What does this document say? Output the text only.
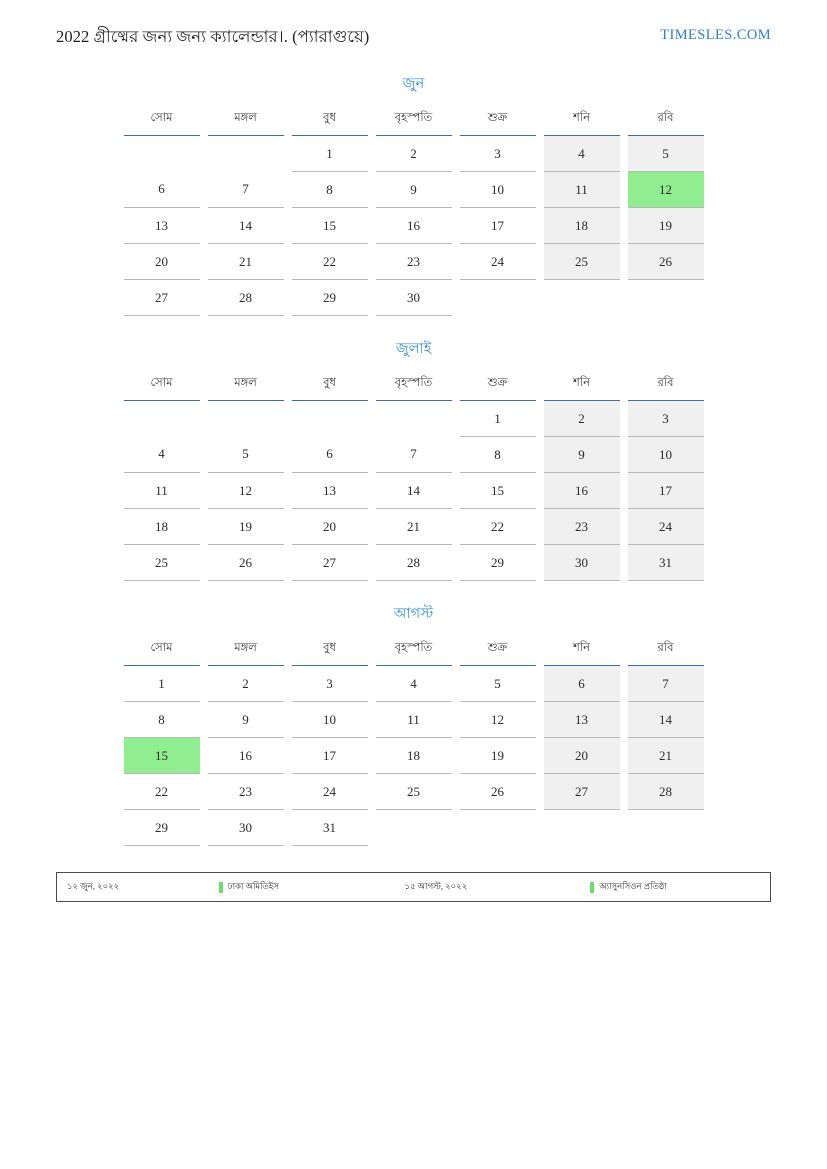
2022 গ্রীষ্মের জন্য জন্য ক্যালেন্ডার।. (প্যারাগুয়ে)	TIMESLES.COM
জুন
সোম		মঙ্গল		বুধ		বৃহস্পতি		শুক্র		শনি		রবি
				1		2		3		4		5
6		7		8		9		10		11		12
13		14		15		16		17		18		19
20		21		22		23		24		25		26
27		28		29		30						
জুলাই
সোম		মঙ্গল		বুধ		বৃহস্পতি		শুক্র		শনি		রবি
								1		2		3
4		5		6		7		8		9		10
11		12		13		14		15		16		17
18		19		20		21		22		23		24
25		26		27		28		29		30		31
আগস্ট
সোম		মঙ্গল		বুধ		বৃহস্পতি		শুক্র		শনি		রবি
1		2		3		4		5		6		7
8		9		10		11		12		13		14
15		16		17		18		19		20		21
22		23		24		25		26		27		28
29		30		31								
১২ জুন, ২০২২	ঢাকা অমিতিইস	১৫ আগস্ট, ২০২২	অ্যাসুনসিওন প্রতিষ্ঠা
